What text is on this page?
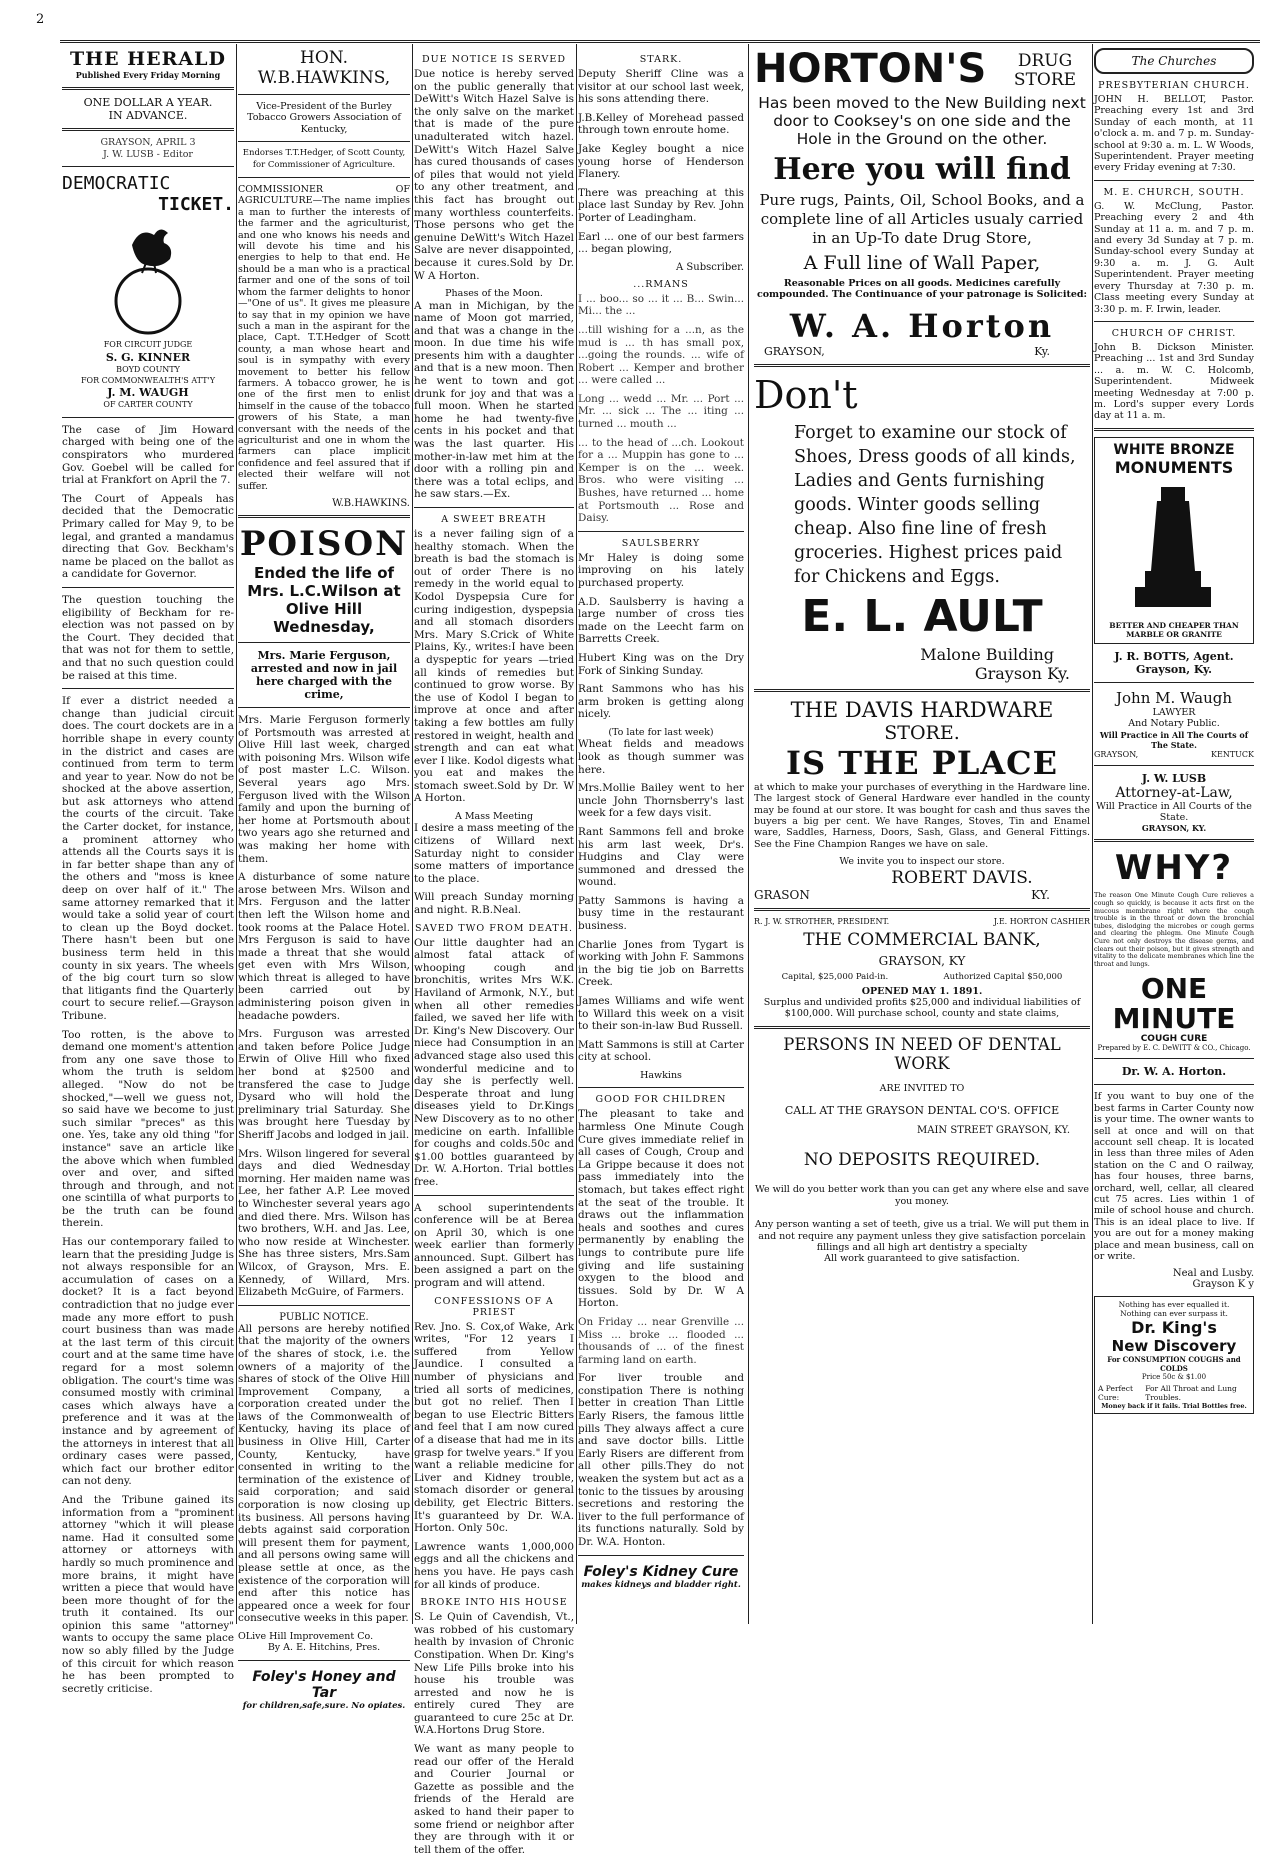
2
THE HERALD
Published Every Friday Morning
ONE DOLLAR A YEAR.
IN ADVANCE.
GRAYSON, APRIL 3
J. W. LUSB - Editor
DEMOCRATIC
TICKET.
FOR CIRCUIT JUDGE
S. G. KINNER
BOYD COUNTY
FOR COMMONWEALTH'S ATT'Y
J. M. WAUGH
OF CARTER COUNTY

The case of Jim Howard charged with being one of the conspirators who murdered Gov. Goebel will be called for trial at Frankfort on April the 7.

The Court of Appeals has decided that the Democratic Primary called for May 9, to be legal, and granted a mandamus directing that Gov. Beckham's name be placed on the ballot as a candidate for Governor.

The question touching the eligibility of Beckham for re-election was not passed on by the Court. They decided that that was not for them to settle, and that no such question could be raised at this time.

If ever a district needed a change than judicial circuit does. The court dockets are in a horrible shape in every county in the district and cases are continued from term to term and year to year. Now do not be shocked at the above assertion, but ask attorneys who attend the courts of the circuit. Take the Carter docket, for instance, a prominent attorney who attends all the Courts says it is in far better shape than any of the others and "moss is knee deep on over half of it." The same attorney remarked that it would take a solid year of court to clean up the Boyd docket. There hasn't been but one business term held in this county in six years. The wheels of the big court turn so slow that litigants find the Quarterly court to secure relief.—Grayson Tribune.

Too rotten, is the above to demand one moment's attention from any one save those to whom the truth is seldom alleged. "Now do not be shocked,"—well we guess not, so said have we become to just such similar "preces" as this one. Yes, take any old thing "for instance" save an article like the above which when fumbled over and over, and sifted through and through, and not one scintilla of what purports to be the truth can be found therein.

Has our contemporary failed to learn that the presiding Judge is not always responsible for an accumulation of cases on a docket? It is a fact beyond contradiction that no judge ever made any more effort to push court business than was made at the last term of this circuit court and at the same time have regard for a most solemn obligation. The court's time was consumed mostly with criminal cases which always have a preference and it was at the instance and by agreement of the attorneys in interest that all ordinary cases were passed, which fact our brother editor can not deny.

And the Tribune gained its information from a "prominent attorney "which it will please name. Had it consulted some attorney or attorneys with hardly so much prominence and more brains, it might have written a piece that would have been more thought of for the truth it contained. Its our opinion this same "attorney" wants to occupy the same place now so ably filled by the Judge of this circuit for which reason he has been prompted to secretly criticise.

HON.
W.B.HAWKINS,
Vice-President of the Burley Tobacco Growers Association of Kentucky,
Endorses T.T.Hedger, of Scott County, for Commissioner of Agriculture.

COMMISSIONER OF AGRICULTURE—The name implies a man to further the interests of the farmer and the agriculturist, and one who knows his needs and will devote his time and his energies to help to that end. He should be a man who is a practical farmer and one of the sons of toil whom the farmer delights to honor—"One of us". It gives me pleasure to say that in my opinion we have such a man in the aspirant for the place, Capt. T.T.Hedger of Scott county, a man whose heart and soul is in sympathy with every movement to better his fellow farmers. A tobacco grower, he is one of the first men to enlist himself in the cause of the tobacco growers of his State, a man conversant with the needs of the agriculturist and one in whom the farmers can place implicit confidence and feel assured that if elected their welfare will not suffer.

W.B.HAWKINS.
POISON
Ended the life of Mrs. L.C.Wilson at Olive Hill Wednesday,
Mrs. Marie Ferguson, arrested and now in jail here charged with the crime,

Mrs. Marie Ferguson formerly of Portsmouth was arrested at Olive Hill last week, charged with poisoning Mrs. Wilson wife of post master L.C. Wilson. Several years ago Mrs. Ferguson lived with the Wilson family and upon the burning of her home at Portsmouth about two years ago she returned and was making her home with them.

A disturbance of some nature arose between Mrs. Wilson and Mrs. Ferguson and the latter then left the Wilson home and took rooms at the Palace Hotel. Mrs Ferguson is said to have made a threat that she would get even with Mrs Wilson, which threat is alleged to have been carried out by administering poison given in headache powders.

Mrs. Furguson was arrested and taken before Police Judge Erwin of Olive Hill who fixed her bond at $2500 and transfered the case to Judge Dysard who will hold the preliminary trial Saturday. She was brought here Tuesday by Sheriff Jacobs and lodged in jail.

Mrs. Wilson lingered for several days and died Wednesday morning. Her maiden name was Lee, her father A.P. Lee moved to Winchester several years ago and died there. Mrs. Wilson has two brothers, W.H. and Jas. Lee, who now reside at Winchester. She has three sisters, Mrs.Sam Wilcox, of Grayson, Mrs. E. Kennedy, of Willard, Mrs. Elizabeth McGuire, of Farmers.

PUBLIC NOTICE.

All persons are hereby notified that the majority of the owners of the shares of stock, i.e. the owners of a majority of the shares of stock of the Olive Hill Improvement Company, a corporation created under the laws of the Commonwealth of Kentucky, having its place of business in Olive Hill, Carter County, Kentucky, have consented in writing to the termination of the existence of said corporation; and said corporation is now closing up its business. All persons having debts against said corporation will present them for payment, and all persons owing same will please settle at once, as the existence of the corporation will end after this notice has appeared once a week for four consecutive weeks in this paper.

OLive Hill Improvement Co.
By A. E. Hitchins, Pres.
Foley's Honey and Tar
for children,safe,sure. No opiates.
DUE NOTICE IS SERVED

Due notice is hereby served on the public generally that DeWitt's Witch Hazel Salve is the only salve on the market that is made of the pure unadulterated witch hazel. DeWitt's Witch Hazel Salve has cured thousands of cases of piles that would not yield to any other treatment, and this fact has brought out many worthless counterfeits. Those persons who get the genuine DeWitt's Witch Hazel Salve are never disappointed, because it cures.Sold by Dr. W A Horton.

Phases of the Moon.

A man in Michigan, by the name of Moon got married, and that was a change in the moon. In due time his wife presents him with a daughter and that is a new moon. Then he went to town and got drunk for joy and that was a full moon. When he started home he had twenty-five cents in his pocket and that was the last quarter. His mother-in-law met him at the door with a rolling pin and there was a total eclips, and he saw stars.—Ex.

A SWEET BREATH

is a never failing sign of a healthy stomach. When the breath is bad the stomach is out of order There is no remedy in the world equal to Kodol Dyspepsia Cure for curing indigestion, dyspepsia and all stomach disorders Mrs. Mary S.Crick of White Plains, Ky., writes:I have been a dyspeptic for years —tried all kinds of remedies but continued to grow worse. By the use of Kodol I began to improve at once and after taking a few bottles am fully restored in weight, health and strength and can eat what ever I like. Kodol digests what you eat and makes the stomach sweet.Sold by Dr. W A Horton.

A Mass Meeting

I desire a mass meeting of the citizens of Willard next Saturday night to consider some matters of importance to the place.

Will preach Sunday morning and night. R.B.Neal.

SAVED TWO FROM DEATH.

Our little daughter had an almost fatal attack of whooping cough and bronchitis, writes Mrs W.K. Haviland of Armonk, N.Y., but when all other remedies failed, we saved her life with Dr. King's New Discovery. Our niece had Consumption in an advanced stage also used this wonderful medicine and to day she is perfectly well. Desperate throat and lung diseases yield to Dr.Kings New Discovery as to no other medicine on earth. Infallible for coughs and colds.50c and $1.00 bottles guaranteed by Dr. W. A.Horton. Trial bottles free.

A school superintendents conference will be at Berea on April 30, which is one week earlier than formerly announced. Supt. Gilbert has been assigned a part on the program and will attend.

CONFESSIONS OF A PRIEST

Rev. Jno. S. Cox,of Wake, Ark writes, "For 12 years I suffered from Yellow Jaundice. I consulted a number of physicians and tried all sorts of medicines, but got no relief. Then I began to use Electric Bitters and feel that I am now cured of a disease that had me in its grasp for twelve years." If you want a reliable medicine for Liver and Kidney trouble, stomach disorder or general debility, get Electric Bitters. It's guaranteed by Dr. W.A. Horton. Only 50c.

Lawrence wants 1,000,000 eggs and all the chickens and hens you have. He pays cash for all kinds of produce.

BROKE INTO HIS HOUSE

S. Le Quin of Cavendish, Vt., was robbed of his customary health by invasion of Chronic Constipation. When Dr. King's New Life Pills broke into his house his trouble was arrested and now he is entirely cured They are guaranteed to cure 25c at Dr. W.A.Hortons Drug Store.

We want as many people to read our offer of the Herald and Courier Journal or Gazette as possible and the friends of the Herald are asked to hand their paper to some friend or neighbor after they are through with it or tell them of the offer.

STARK.

Deputy Sheriff Cline was a visitor at our school last week, his sons attending there.

J.B.Kelley of Morehead passed through town enroute home.

Jake Kegley bought a nice young horse of Henderson Flanery.

There was preaching at this place last Sunday by Rev. John Porter of Leadingham.

Earl ... one of our best farmers ... began plowing,

A Subscriber.
...RMANS

I ... boo... so ... it ... B... Swin... Mi... the ...

...till wishing for a ...n, as the mud is ... th has small pox, ...going the rounds. ... wife of Robert ... Kemper and brother ... were called ...

Long ... wedd ... Mr. ... Port ... Mr. ... sick ... The ... iting ... turned ... mouth ...

... to the head of ...ch. Lookout for a ... Muppin has gone to ... Kemper is on the ... week. Bros. who were visiting ... Bushes, have returned ... home at Portsmouth ... Rose and Daisy.

SAULSBERRY

Mr Haley is doing some improving on his lately purchased property.

A.D. Saulsberry is having a large number of cross ties made on the Leecht farm on Barretts Creek.

Hubert King was on the Dry Fork of Sinking Sunday.

Rant Sammons who has his arm broken is getting along nicely.

(To late for last week)

Wheat fields and meadows look as though summer was here.

Mrs.Mollie Bailey went to her uncle John Thornsberry's last week for a few days visit.

Rant Sammons fell and broke his arm last week, Dr's. Hudgins and Clay were summoned and dressed the wound.

Patty Sammons is having a busy time in the restaurant business.

Charlie Jones from Tygart is working with John F. Sammons in the big tie job on Barretts Creek.

James Williams and wife went to Willard this week on a visit to their son-in-law Bud Russell.

Matt Sammons is still at Carter city at school.

Hawkins
GOOD FOR CHILDREN

The pleasant to take and harmless One Minute Cough Cure gives immediate relief in all cases of Cough, Croup and La Grippe because it does not pass immediately into the stomach, but takes effect right at the seat of the trouble. It draws out the inflammation heals and soothes and cures permanently by enabling the lungs to contribute pure life giving and life sustaining oxygen to the blood and tissues. Sold by Dr. W A Horton.

On Friday ... near Grenville ... Miss ... broke ... flooded ... thousands of ... of the finest farming land on earth.

For liver trouble and constipation There is nothing better in creation Than Little Early Risers, the famous little pills They always affect a cure and save doctor bills. Little Early Risers are different from all other pills.They do not weaken the system but act as a tonic to the tissues by arousing secretions and restoring the liver to the full performance of its functions naturally. Sold by Dr. W.A. Honton.

Foley's Kidney Cure
makes kidneys and bladder right.
HORTON'S	DRUG STORE
Has been moved to the New Building next door to Cooksey's on one side and the Hole in the Ground on the other.
Here you will find
Pure rugs, Paints, Oil, School Books, and a complete line of all Articles usualy carried in an Up-To date Drug Store,
A Full line of Wall Paper,
Reasonable Prices on all goods. Medicines carefully compounded. The Continuance of your patronage is Solicited:
W. A. Horton
GRAYSON,	Ky.
Don't
Forget to examine our stock of Shoes, Dress goods of all kinds, Ladies and Gents furnishing goods. Winter goods selling cheap. Also fine line of fresh groceries. Highest prices paid for Chickens and Eggs.
E. L. AULT
Malone Building
Grayson Ky.
THE DAVIS HARDWARE
STORE.
IS THE PLACE

at which to make your purchases of everything in the Hardware line. The largest stock of General Hardware ever handled in the county may be found at our store. It was bought for cash and thus saves the buyers a big per cent. We have Ranges, Stoves, Tin and Enamel ware, Saddles, Harness, Doors, Sash, Glass, and General Fittings. See the Fine Champion Ranges we have on sale.

We invite you to inspect our store.
ROBERT DAVIS.
GRASON	KY.
R. J. W. STROTHER, PRESIDENT.	J.E. HORTON CASHIER
THE COMMERCIAL BANK,
GRAYSON, KY
Capital, $25,000 Paid-in.	Authorized Capital $50,000
OPENED MAY 1. 1891.
Surplus and undivided profits $25,000 and individual liabilities of $100,000. Will purchase school, county and state claims,
PERSONS IN NEED OF DENTAL WORK
ARE INVITED TO
CALL AT THE GRAYSON DENTAL CO'S. OFFICE
MAIN STREET GRAYSON, KY.
NO DEPOSITS REQUIRED.
We will do you better work than you can get any where else and save you money.
Any person wanting a set of teeth, give us a trial. We will put them in and not require any payment unless they give satisfaction porcelain fillings and all high art dentistry a specialty
All work guaranteed to give satisfaction.
The Churches
PRESBYTERIAN CHURCH.

JOHN H. BELLOT, Pastor. Preaching every 1st and 3rd Sunday of each month, at 11 o'clock a. m. and 7 p. m. Sunday-school at 9:30 a. m. L. W Woods, Superintendent. Prayer meeting every Friday evening at 7:30.

M. E. CHURCH, SOUTH.

G. W. McClung, Pastor. Preaching every 2 and 4th Sunday at 11 a. m. and 7 p. m. and every 3d Sunday at 7 p. m. Sunday-school every Sunday at 9:30 a. m. J. G. Ault Superintendent. Prayer meeting every Thursday at 7:30 p. m. Class meeting every Sunday at 3:30 p. m. F. Irwin, leader.

CHURCH OF CHRIST.

John B. Dickson Minister. Preaching ... 1st and 3rd Sunday ... a. m. W. C. Holcomb, Superintendent. Midweek meeting Wednesday at 7:00 p. m. Lord's supper every Lords day at 11 a. m.

WHITE BRONZE
MONUMENTS
BETTER AND CHEAPER THAN MARBLE OR GRANITE
J. R. BOTTS, Agent.
Grayson, Ky.
John M. Waugh
LAWYER
And Notary Public.
Will Practice in All The Courts of The State.
GRAYSON,	KENTUCK
J. W. LUSB
Attorney-at-Law,
Will Practice in All Courts of the State.
GRAYSON, KY.
WHY?

The reason One Minute Cough Cure relieves a cough so quickly, is because it acts first on the mucous membrane right where the cough trouble is in the throat or down the bronchial tubes, dislodging the microbes or cough germs and clearing the phlegm. One Minute Cough Cure not only destroys the disease germs, and clears out their poison, but it gives strength and vitality to the delicate membranes which line the throat and lungs.

ONE
MINUTE
COUGH CURE
Prepared by E. C. DeWITT & CO., Chicago.
Dr. W. A. Horton.

If you want to buy one of the best farms in Carter County now is your time. The owner wants to sell at once and will on that account sell cheap. It is located in less than three miles of Aden station on the C and O railway, has four houses, three barns, orchard, well, cellar, all cleared cut 75 acres. Lies within 1 of mile of school house and church. This is an ideal place to live. If you are out for a money making place and mean business, call on or write.

Neal and Lusby.
Grayson K y
Nothing has ever equalled it.
Nothing can ever surpass it.
Dr. King's
New Discovery
For CONSUMPTION COUGHS and COLDS
Price 50c & $1.00
A Perfect Cure:
For All Throat and Lung Troubles.
Money back if it fails. Trial Bottles free.
